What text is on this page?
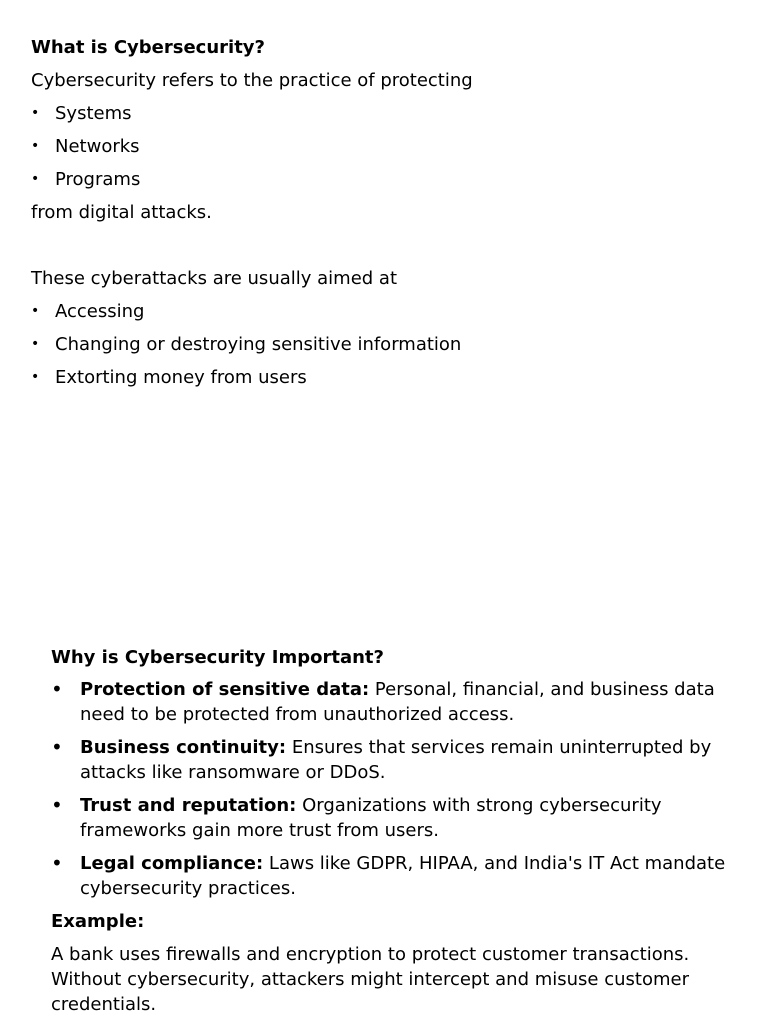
What is Cybersecurity?
Cybersecurity refers to the practice of protecting
• Systems
• Networks
• Programs
from digital attacks.
These cyberattacks are usually aimed at
• Accessing
• Changing or destroying sensitive information
• Extorting money from users
Why is Cybersecurity Important?
• Protection of sensitive data: Personal, financial, and business data need to be protected from unauthorized access.
• Business continuity: Ensures that services remain uninterrupted by attacks like ransomware or DDoS.
• Trust and reputation: Organizations with strong cybersecurity frameworks gain more trust from users.
• Legal compliance: Laws like GDPR, HIPAA, and India's IT Act mandate cybersecurity practices.
Example:
A bank uses firewalls and encryption to protect customer transactions. Without cybersecurity, attackers might intercept and misuse customer credentials.
